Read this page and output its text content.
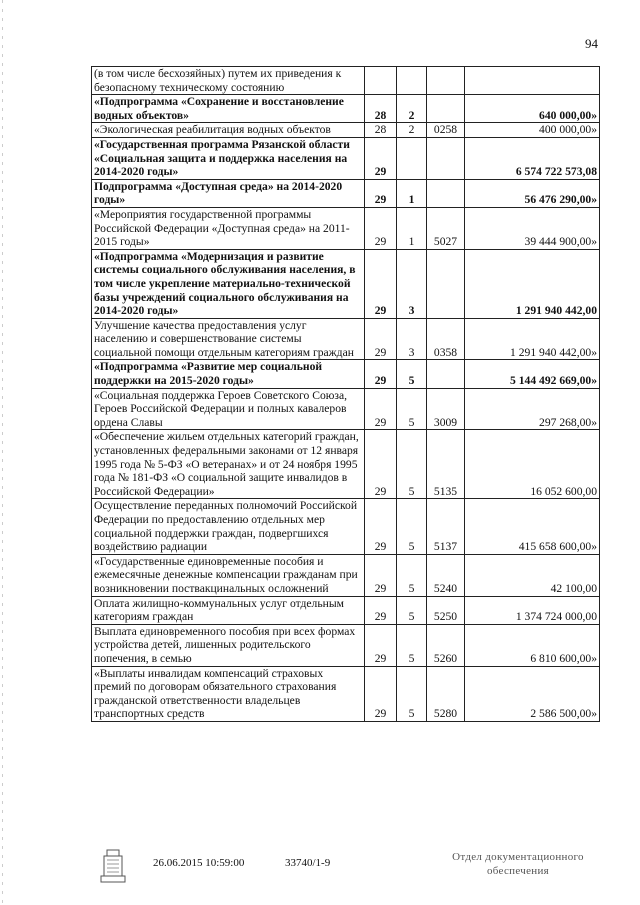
94
(в том числе бесхозяйных) путем их приведения к безопасному техническому состоянию				
«Подпрограмма «Сохранение и восстановление водных объектов»	28	2		640 000,00»
«Экологическая реабилитация водных объектов	28	2	0258	400 000,00»
«Государственная программа Рязанской области «Социальная защита и поддержка населения на 2014-2020 годы»	29			6 574 722 573,08
Подпрограмма «Доступная среда» на 2014-2020 годы»	29	1		56 476 290,00»
«Мероприятия государственной программы Российской Федерации «Доступная среда» на 2011-2015 годы»	29	1	5027	39 444 900,00»
«Подпрограмма «Модернизация и развитие системы социального обслуживания населения, в том числе укрепление материально-технической базы учреждений социального обслуживания на 2014-2020 годы»	29	3		1 291 940 442,00
Улучшение качества предоставления услуг населению и совершенствование системы социальной помощи отдельным категориям граждан	29	3	0358	1 291 940 442,00»
«Подпрограмма «Развитие мер социальной поддержки на 2015-2020 годы»	29	5		5 144 492 669,00»
«Социальная поддержка Героев Советского Союза, Героев Российской Федерации и полных кавалеров ордена Славы	29	5	3009	297 268,00»
«Обеспечение жильем отдельных категорий граждан, установленных федеральными законами от 12 января 1995 года № 5-ФЗ «О ветеранах» и от 24 ноября 1995 года № 181-ФЗ «О социальной защите инвалидов в Российской Федерации»	29	5	5135	16 052 600,00
Осуществление переданных полномочий Российской Федерации по предоставлению отдельных мер социальной поддержки граждан, подвергшихся воздействию радиации	29	5	5137	415 658 600,00»
«Государственные единовременные пособия и ежемесячные денежные компенсации гражданам при возникновении поствакцинальных осложнений	29	5	5240	42 100,00
Оплата жилищно-коммунальных услуг отдельным категориям граждан	29	5	5250	1 374 724 000,00
Выплата единовременного пособия при всех формах устройства детей, лишенных родительского попечения, в семью	29	5	5260	6 810 600,00»
«Выплаты инвалидам компенсаций страховых премий по договорам обязательного страхования гражданской ответственности владельцев транспортных средств	29	5	5280	2 586 500,00»
26.06.2015 10:59:00	33740/1-9	Отдел документационного
обеспечения
